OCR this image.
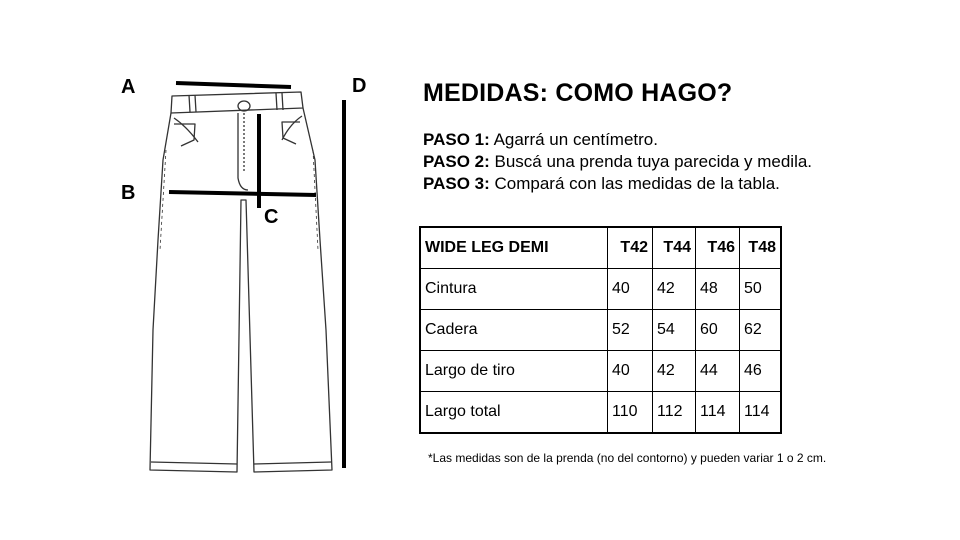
A
B
C
D MEDIDAS: COMO HAGO?
PASO 1: Agarrá un centímetro.
PASO 2: Buscá una prenda tuya parecida y medila.
PASO 3: Compará con las medidas de la tabla.
WIDE LEG DEMI	T42	T44	T46	T48
Cintura	40	42	48	50
Cadera	52	54	60	62
Largo de tiro	40	42	44	46
Largo total	110	112	114	114
*Las medidas son de la prenda (no del contorno) y pueden variar 1 o 2 cm.
